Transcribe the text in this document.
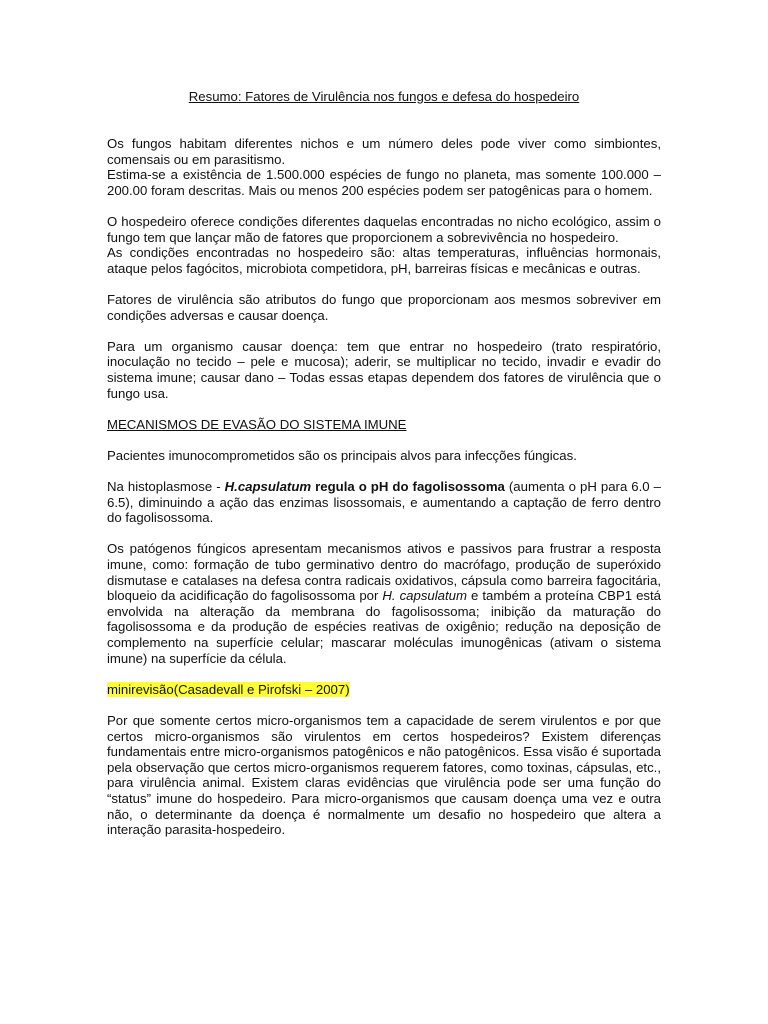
Resumo: Fatores de Virulência nos fungos e defesa do hospedeiro

Os fungos habitam diferentes nichos e um número deles pode viver como simbiontes, comensais ou em parasitismo.

Estima-se a existência de 1.500.000 espécies de fungo no planeta, mas somente 100.000 – 200.00 foram descritas. Mais ou menos 200 espécies podem ser patogênicas para o homem.

O hospedeiro oferece condições diferentes daquelas encontradas no nicho ecológico, assim o fungo tem que lançar mão de fatores que proporcionem a sobrevivência no hospedeiro.

As condições encontradas no hospedeiro são: altas temperaturas, influências hormonais, ataque pelos fagócitos, microbiota competidora, pH, barreiras físicas e mecânicas e outras.

Fatores de virulência são atributos do fungo que proporcionam aos mesmos sobreviver em condições adversas e causar doença.

Para um organismo causar doença: tem que entrar no hospedeiro (trato respiratório, inoculação no tecido – pele e mucosa); aderir, se multiplicar no tecido, invadir e evadir do sistema imune; causar dano – Todas essas etapas dependem dos fatores de virulência que o fungo usa.

MECANISMOS DE EVASÃO DO SISTEMA IMUNE

Pacientes imunocomprometidos são os principais alvos para infecções fúngicas.

Na histoplasmose - H.capsulatum regula o pH do fagolisossoma (aumenta o pH para 6.0 – 6.5), diminuindo a ação das enzimas lisossomais, e aumentando a captação de ferro dentro do fagolisossoma.

Os patógenos fúngicos apresentam mecanismos ativos e passivos para frustrar a resposta imune, como: formação de tubo germinativo dentro do macrófago, produção de superóxido dismutase e catalases na defesa contra radicais oxidativos, cápsula como barreira fagocitária, bloqueio da acidificação do fagolisossoma por H. capsulatum e também a proteína CBP1 está envolvida na alteração da membrana do fagolisossoma; inibição da maturação do fagolisossoma e da produção de espécies reativas de oxigênio; redução na deposição de complemento na superfície celular; mascarar moléculas imunogênicas (ativam o sistema imune) na superfície da célula.

minirevisão(Casadevall e Pirofski – 2007)

Por que somente certos micro-organismos tem a capacidade de serem virulentos e por que certos micro-organismos são virulentos em certos hospedeiros? Existem diferenças fundamentais entre micro-organismos patogênicos e não patogênicos. Essa visão é suportada pela observação que certos micro-organismos requerem fatores, como toxinas, cápsulas, etc., para virulência animal. Existem claras evidências que virulência pode ser uma função do “status” imune do hospedeiro. Para micro-organismos que causam doença uma vez e outra não, o determinante da doença é normalmente um desafio no hospedeiro que altera a interação parasita-hospedeiro.
